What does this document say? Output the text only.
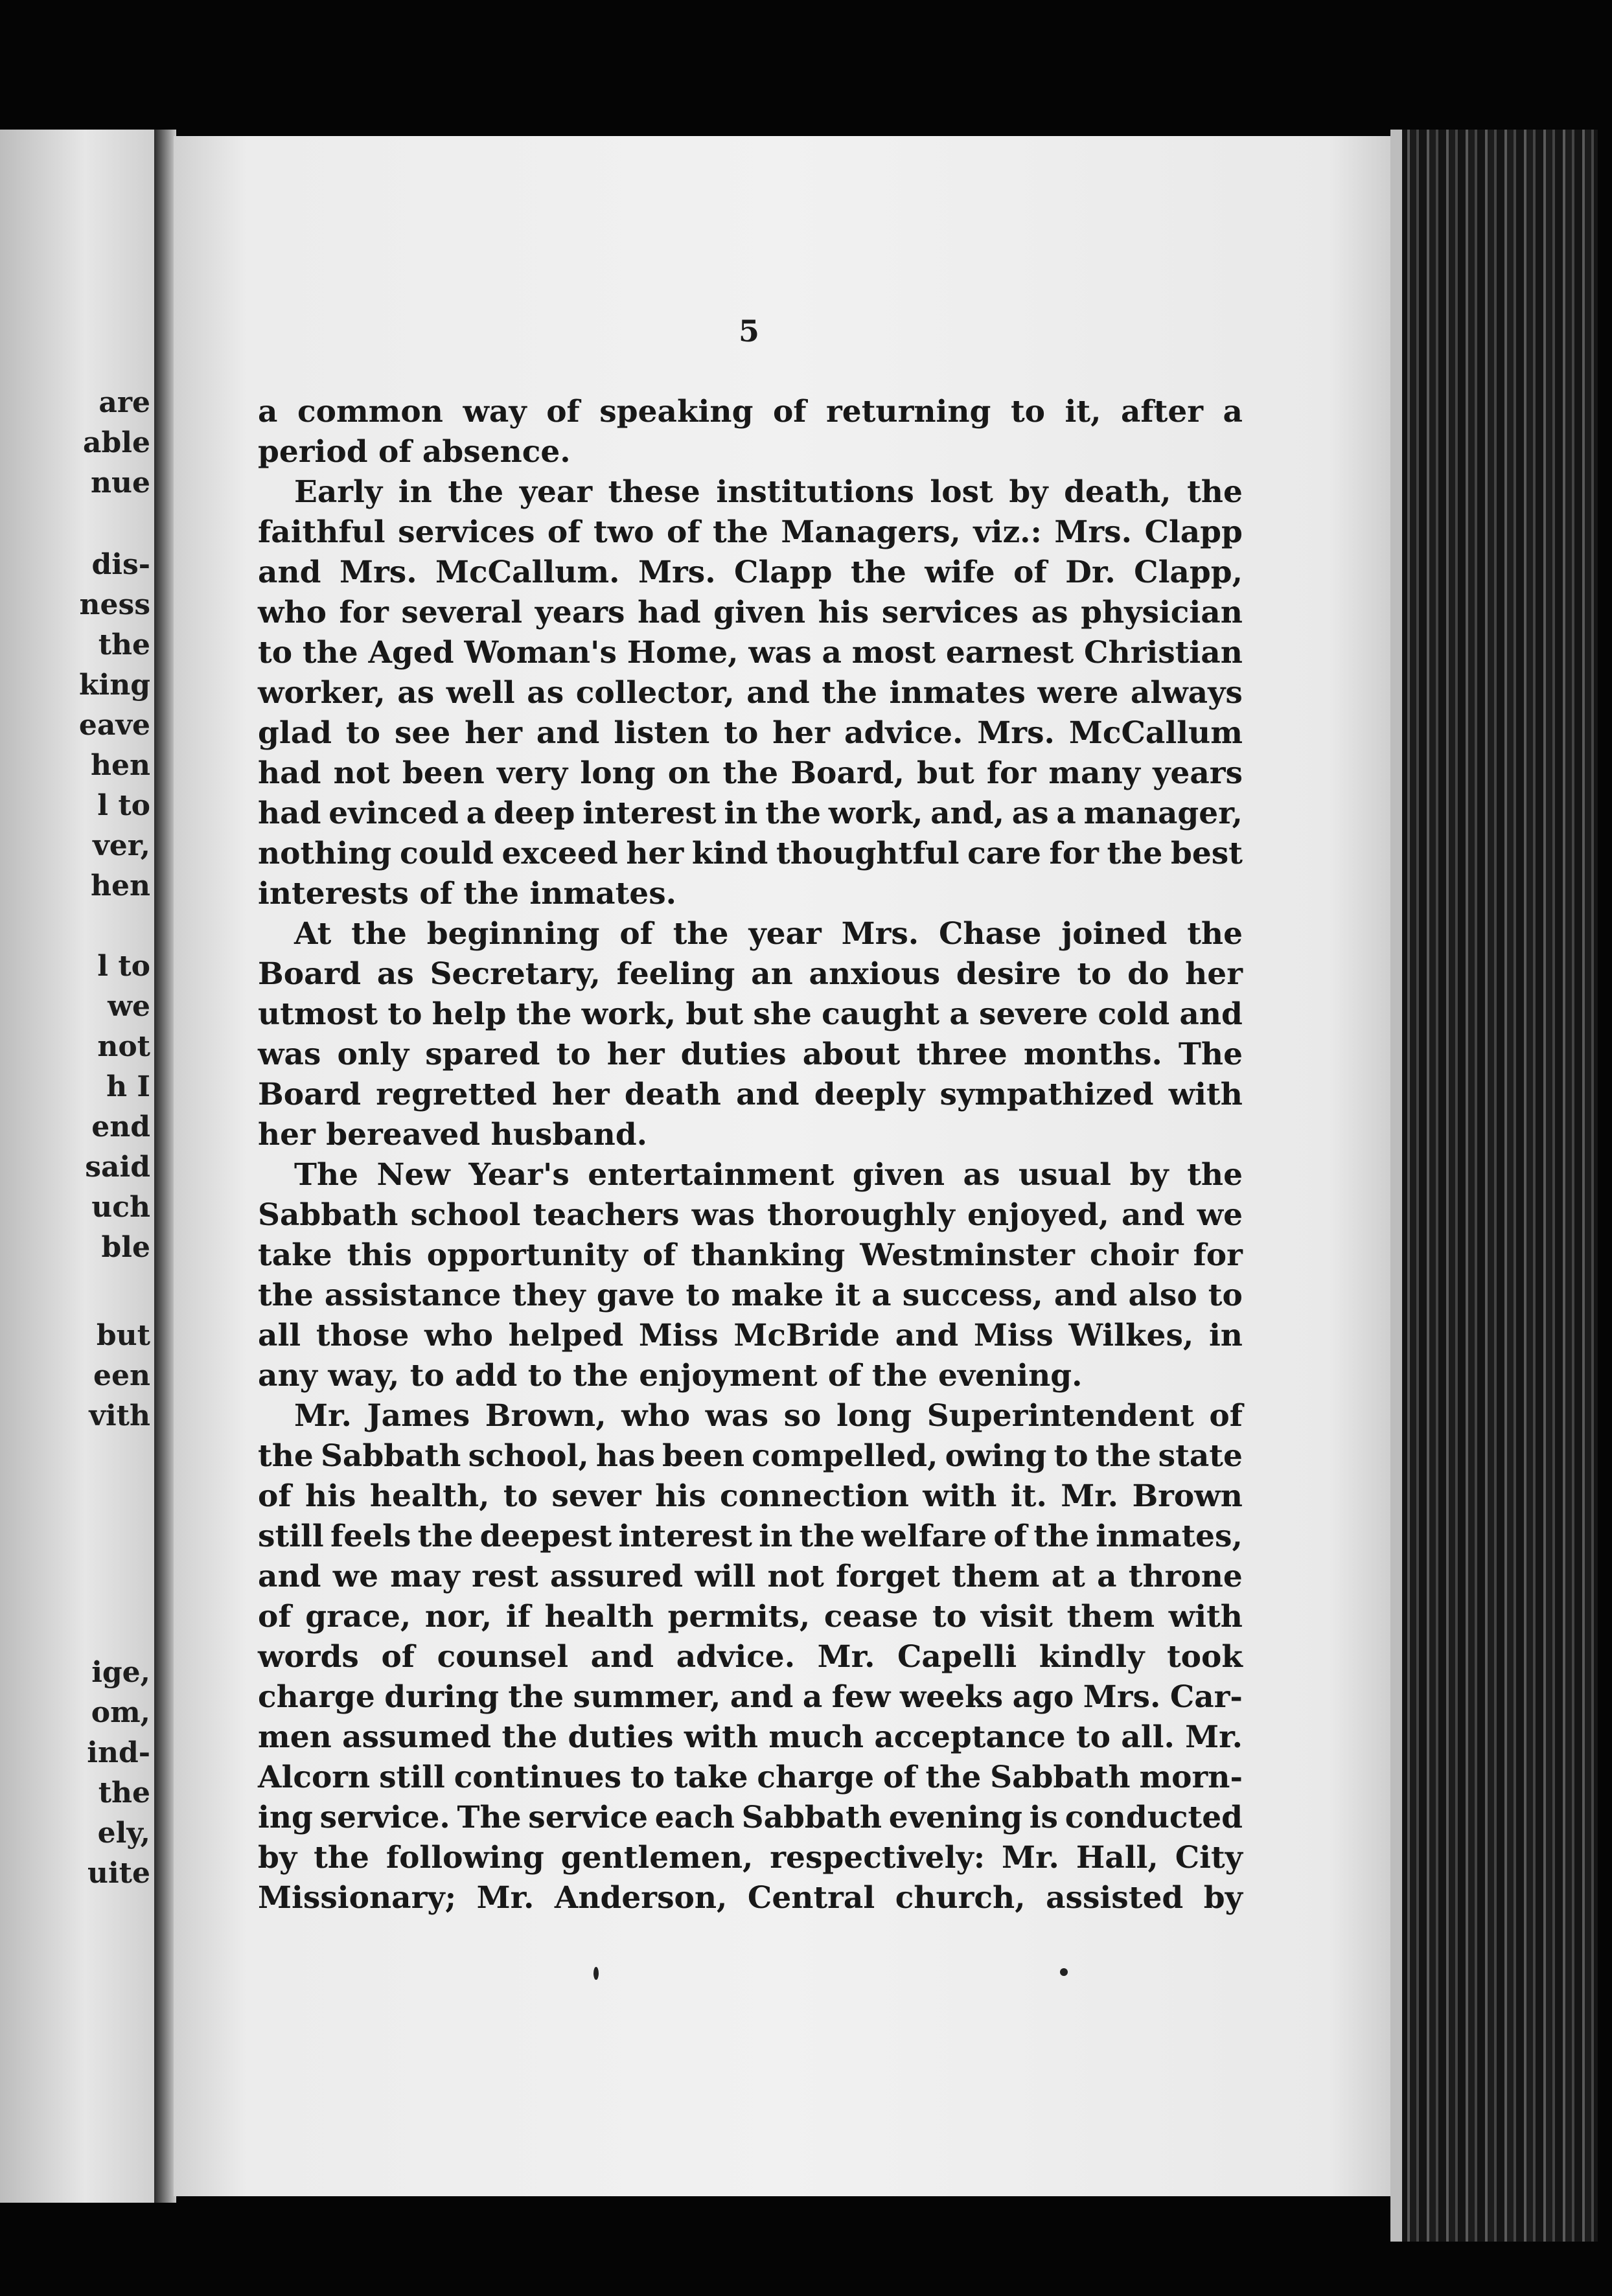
are
able
nue
dis-
ness
the
king
eave
hen
l to
ver,
hen
l to
we
not
h I
end
said
uch
ble
but
een
vith
ige,
om,
ind-
the
ely,
uite
5
a common way of speaking of returning to it, after a
period of absence.
Early in the year these institutions lost by death, the
faithful services of two of the Managers, viz.: Mrs. Clapp
and Mrs. McCallum. Mrs. Clapp the wife of Dr. Clapp,
who for several years had given his services as physician
to the Aged Woman's Home, was a most earnest Christian
worker, as well as collector, and the inmates were always
glad to see her and listen to her advice. Mrs. McCallum
had not been very long on the Board, but for many years
had evinced a deep interest in the work, and, as a manager,
nothing could exceed her kind thoughtful care for the best
interests of the inmates.
At the beginning of the year Mrs. Chase joined the
Board as Secretary, feeling an anxious desire to do her
utmost to help the work, but she caught a severe cold and
was only spared to her duties about three months. The
Board regretted her death and deeply sympathized with
her bereaved husband.
The New Year's entertainment given as usual by the
Sabbath school teachers was thoroughly enjoyed, and we
take this opportunity of thanking Westminster choir for
the assistance they gave to make it a success, and also to
all those who helped Miss McBride and Miss Wilkes, in
any way, to add to the enjoyment of the evening.
Mr. James Brown, who was so long Superintendent of
the Sabbath school, has been compelled, owing to the state
of his health, to sever his connection with it. Mr. Brown
still feels the deepest interest in the welfare of the inmates,
and we may rest assured will not forget them at a throne
of grace, nor, if health permits, cease to visit them with
words of counsel and advice. Mr. Capelli kindly took
charge during the summer, and a few weeks ago Mrs. Car-
men assumed the duties with much acceptance to all. Mr.
Alcorn still continues to take charge of the Sabbath morn-
ing service. The service each Sabbath evening is conducted
by the following gentlemen, respectively: Mr. Hall, City
Missionary; Mr. Anderson, Central church, assisted by
